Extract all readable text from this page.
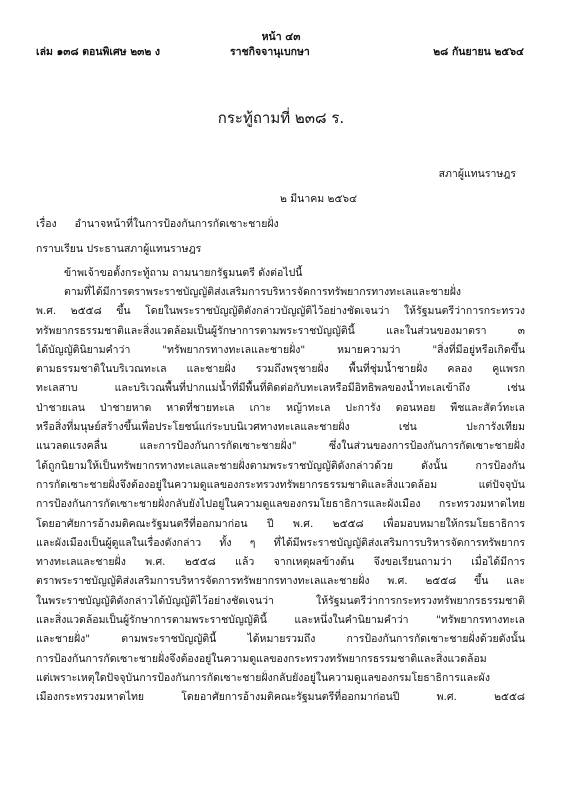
หน้า ๔๓
เล่ม ๑๓๘ ตอนพิเศษ ๒๓๒ ง	ราชกิจจานุเบกษา	๒๘ กันยายน ๒๕๖๔
กระทู้ถามที่ ๒๓๘ ร.
สภาผู้แทนราษฎร
๒ มีนาคม ๒๕๖๔
เรื่อง อำนาจหน้าที่ในการป้องกันการกัดเซาะชายฝั่ง
กราบเรียน ประธานสภาผู้แทนราษฎร
ข้าพเจ้าขอตั้งกระทู้ถาม ถามนายกรัฐมนตรี ดังต่อไปนี้
ตามที่ได้มีการตราพระราชบัญญัติส่งเสริมการบริหารจัดการทรัพยากรทางทะเลและชายฝั่ง
พ.ศ. ๒๕๕๘ ขึ้น โดยในพระราชบัญญัติดังกล่าวบัญญัติไว้อย่างชัดเจนว่า ให้รัฐมนตรีว่าการกระทรวง
ทรัพยากรธรรมชาติและสิ่งแวดล้อมเป็นผู้รักษาการตามพระราชบัญญัตินี้ และในส่วนของมาตรา ๓
ได้บัญญัตินิยามคำว่า "ทรัพยากรทางทะเลและชายฝั่ง" หมายความว่า "สิ่งที่มีอยู่หรือเกิดขึ้น
ตามธรรมชาติในบริเวณทะเล และชายฝั่ง รวมถึงพรุชายฝั่ง พื้นที่ชุ่มน้ำชายฝั่ง คลอง คูแพรก
ทะเลสาบ และบริเวณพื้นที่ปากแม่น้ำที่มีพื้นที่ติดต่อกับทะเลหรือมีอิทธิพลของน้ำทะเลเข้าถึง เช่น
ป่าชายเลน ป่าชายหาด หาดที่ชายทะเล เกาะ หญ้าทะเล ปะการัง ดอนหอย พืชและสัตว์ทะเล
หรือสิ่งที่มนุษย์สร้างขึ้นเพื่อประโยชน์แก่ระบบนิเวศทางทะเลและชายฝั่ง เช่น ปะการังเทียม
แนวลดแรงคลื่น และการป้องกันการกัดเซาะชายฝั่ง" ซึ่งในส่วนของการป้องกันการกัดเซาะชายฝั่ง
ได้ถูกนิยามให้เป็นทรัพยากรทางทะเลและชายฝั่งตามพระราชบัญญัติดังกล่าวด้วย ดังนั้น การป้องกัน
การกัดเซาะชายฝั่งจึงต้องอยู่ในความดูแลของกระทรวงทรัพยากรธรรมชาติและสิ่งแวดล้อม แต่ปัจจุบัน
การป้องกันการกัดเซาะชายฝั่งกลับยังไปอยู่ในความดูแลของกรมโยธาธิการและผังเมือง กระทรวงมหาดไทย
โดยอาศัยการอ้างมติคณะรัฐมนตรีที่ออกมาก่อน ปี พ.ศ. ๒๕๕๘ เพื่อมอบหมายให้กรมโยธาธิการ
และผังเมืองเป็นผู้ดูแลในเรื่องดังกล่าว ทั้ง ๆ ที่ได้มีพระราชบัญญัติส่งเสริมการบริหารจัดการทรัพยากร
ทางทะเลและชายฝั่ง พ.ศ. ๒๕๕๘ แล้ว จากเหตุผลข้างต้น จึงขอเรียนถามว่า เมื่อได้มีการ
ตราพระราชบัญญัติส่งเสริมการบริหารจัดการทรัพยากรทางทะเลและชายฝั่ง พ.ศ. ๒๕๕๘ ขึ้น และ
ในพระราชบัญญัติดังกล่าวได้บัญญัติไว้อย่างชัดเจนว่า ให้รัฐมนตรีว่าการกระทรวงทรัพยากรธรรมชาติ
และสิ่งแวดล้อมเป็นผู้รักษาการตามพระราชบัญญัตินี้ และหนึ่งในคำนิยามคำว่า "ทรัพยากรทางทะเล
และชายฝั่ง" ตามพระราชบัญญัตินี้ ได้หมายรวมถึง การป้องกันการกัดเซาะชายฝั่งด้วยดังนั้น
การป้องกันการกัดเซาะชายฝั่งจึงต้องอยู่ในความดูแลของกระทรวงทรัพยากรธรรมชาติและสิ่งแวดล้อม
แต่เพราะเหตุใดปัจจุบันการป้องกันการกัดเซาะชายฝั่งกลับยังอยู่ในความดูแลของกรมโยธาธิการและผัง
เมืองกระทรวงมหาดไทย โดยอาศัยการอ้างมติคณะรัฐมนตรีที่ออกมาก่อนปี พ.ศ. ๒๕๕๘
